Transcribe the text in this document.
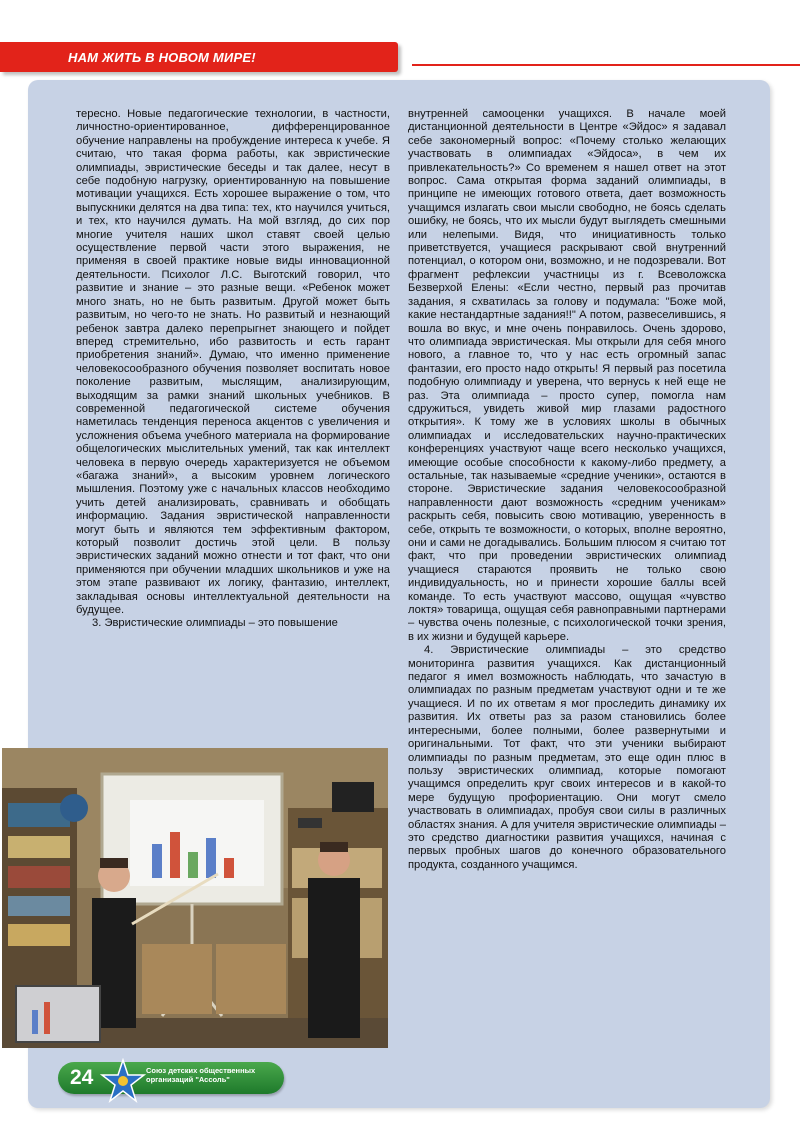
НАМ ЖИТЬ В НОВОМ МИРЕ!

тересно. Новые педагогические технологии, в частности, личностно-ориентированное, дифференцированное обучение направлены на пробуждение интереса к учебе. Я считаю, что такая форма работы, как эвристические олимпиады, эвристические беседы и так далее, несут в себе подобную нагрузку, ориентированную на повышение мотивации учащихся. Есть хорошее выражение о том, что выпускники делятся на два типа: тех, кто научился учиться, и тех, кто научился думать. На мой взгляд, до сих пор многие учителя наших школ ставят своей целью осуществление первой части этого выражения, не применяя в своей практике новые виды инновационной деятельности. Психолог Л.С. Выготский говорил, что развитие и знание – это разные вещи. «Ребенок может много знать, но не быть развитым. Другой может быть развитым, но чего-то не знать. Но развитый и незнающий ребенок завтра далеко перепрыгнет знающего и пойдет вперед стремительно, ибо развитость и есть гарант приобретения знаний». Думаю, что именно применение человекосообразного обучения позволяет воспитать новое поколение развитым, мыслящим, анализирующим, выходящим за рамки знаний школьных учебников. В современной педагогической системе обучения наметилась тенденция переноса акцентов с увеличения и усложнения объема учебного материала на формирование общелогических мыслительных умений, так как интеллект человека в первую очередь характеризуется не объемом «багажа знаний», а высоким уровнем логического мышления. Поэтому уже с начальных классов необходимо учить детей анализировать, сравнивать и обобщать информацию. Задания эвристической направленности могут быть и являются тем эффективным фактором, который позволит достичь этой цели. В пользу эвристических заданий можно отнести и тот факт, что они применяются при обучении младших школьников и уже на этом этапе развивают их логику, фантазию, интеллект, закладывая основы интеллектуальной деятельности на будущее.

3. Эвристические олимпиады – это повышение

внутренней самооценки учащихся. В начале моей дистанционной деятельности в Центре «Эйдос» я задавал себе закономерный вопрос: «Почему столько желающих участвовать в олимпиадах «Эйдоса», в чем их привлекательность?» Со временем я нашел ответ на этот вопрос. Сама открытая форма заданий олимпиады, в принципе не имеющих готового ответа, дает возможность учащимся излагать свои мысли свободно, не боясь сделать ошибку, не боясь, что их мысли будут выглядеть смешными или нелепыми. Видя, что инициативность только приветствуется, учащиеся раскрывают свой внутренний потенциал, о котором они, возможно, и не подозревали. Вот фрагмент рефлексии участницы из г. Всеволожска Безверхой Елены: «Если честно, первый раз прочитав задания, я схватилась за голову и подумала: "Боже мой, какие нестандартные задания!!" А потом, развеселившись, я вошла во вкус, и мне очень понравилось. Очень здорово, что олимпиада эвристическая. Мы открыли для себя много нового, а главное то, что у нас есть огромный запас фантазии, его просто надо открыть! Я первый раз посетила подобную олимпиаду и уверена, что вернусь к ней еще не раз. Эта олимпиада – просто супер, помогла нам сдружиться, увидеть живой мир глазами радостного открытия». К тому же в условиях школы в обычных олимпиадах и исследовательских научно-практических конференциях участвуют чаще всего несколько учащихся, имеющие особые способности к какому-либо предмету, а остальные, так называемые «средние ученики», остаются в стороне. Эвристические задания человекосообразной направленности дают возможность «средним ученикам» раскрыть себя, повысить свою мотивацию, уверенность в себе, открыть те возможности, о которых, вполне вероятно, они и сами не догадывались. Большим плюсом я считаю тот факт, что при проведении эвристических олимпиад учащиеся стараются проявить не только свою индивидуальность, но и принести хорошие баллы всей команде. То есть участвуют массово, ощущая «чувство локтя» товарища, ощущая себя равноправными партнерами – чувства очень полезные, с психологической точки зрения, в их жизни и будущей карьере.

4. Эвристические олимпиады – это средство мониторинга развития учащихся. Как дистанционный педагог я имел возможность наблюдать, что зачастую в олимпиадах по разным предметам участвуют одни и те же учащиеся. И по их ответам я мог проследить динамику их развития. Их ответы раз за разом становились более интересными, более полными, более развернутыми и оригинальными. Тот факт, что эти ученики выбирают олимпиады по разным предметам, это еще один плюс в пользу эвристических олимпиад, которые помогают учащимся определить круг своих интересов и в какой-то мере будущую профориентацию. Они могут смело участвовать в олимпиадах, пробуя свои силы в различных областях знания. А для учителя эвристические олимпиады – это средство диагностики развития учащихся, начиная с первых пробных шагов до конечного образовательного продукта, созданного учащимся.

24	Союз детских общественных
организаций "Ассоль"
